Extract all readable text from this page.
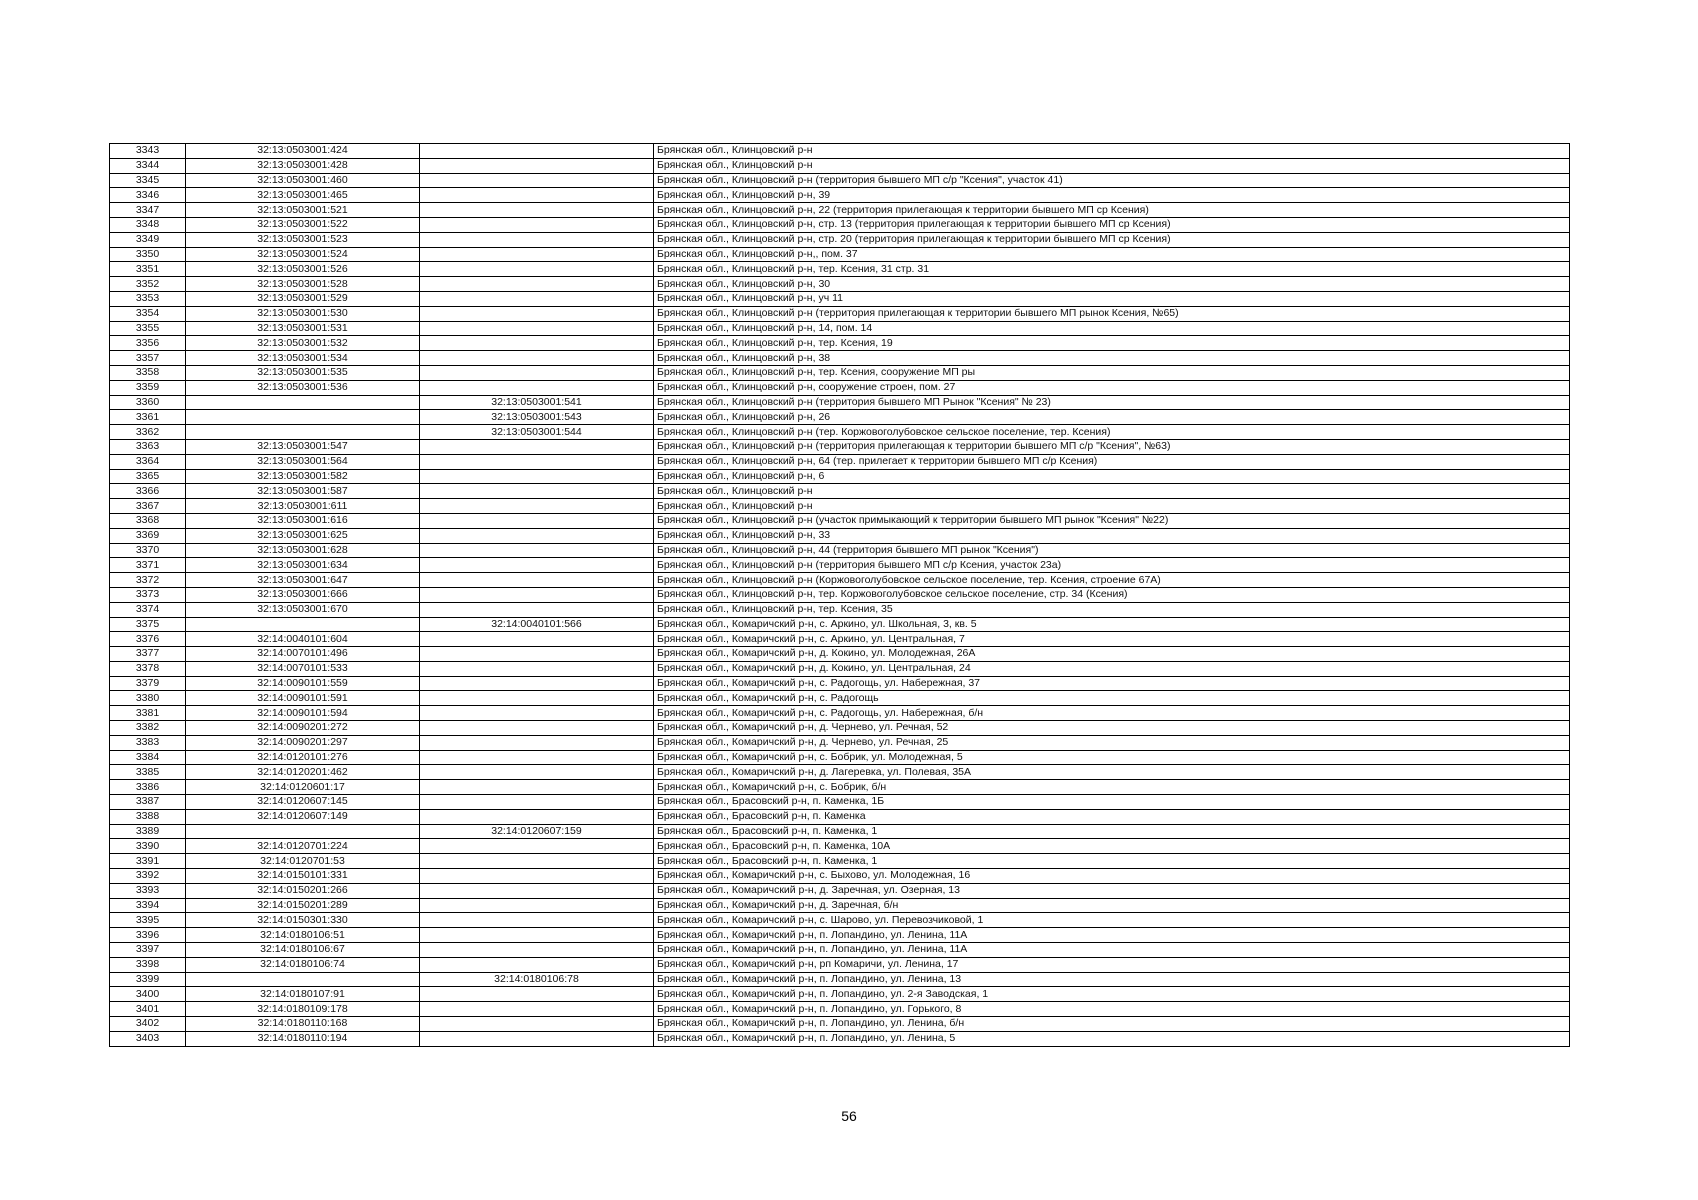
3343	32:13:0503001:424		Брянская обл., Клинцовский р-н
3344	32:13:0503001:428		Брянская обл., Клинцовский р-н
3345	32:13:0503001:460		Брянская обл., Клинцовский р-н (территория бывшего МП с/р "Ксения", участок 41)
3346	32:13:0503001:465		Брянская обл., Клинцовский р-н, 39
3347	32:13:0503001:521		Брянская обл., Клинцовский р-н, 22 (территория прилегающая к территории бывшего МП ср Ксения)
3348	32:13:0503001:522		Брянская обл., Клинцовский р-н, стр. 13 (территория прилегающая к территории бывшего МП ср Ксения)
3349	32:13:0503001:523		Брянская обл., Клинцовский р-н, стр. 20 (территория прилегающая к территории бывшего МП ср Ксения)
3350	32:13:0503001:524		Брянская обл., Клинцовский р-н,, пом. 37
3351	32:13:0503001:526		Брянская обл., Клинцовский р-н, тер. Ксения, 31 стр. 31
3352	32:13:0503001:528		Брянская обл., Клинцовский р-н, 30
3353	32:13:0503001:529		Брянская обл., Клинцовский р-н, уч 11
3354	32:13:0503001:530		Брянская обл., Клинцовский р-н (территория прилегающая к территории бывшего МП рынок Ксения, №65)
3355	32:13:0503001:531		Брянская обл., Клинцовский р-н, 14, пом. 14
3356	32:13:0503001:532		Брянская обл., Клинцовский р-н, тер. Ксения, 19
3357	32:13:0503001:534		Брянская обл., Клинцовский р-н, 38
3358	32:13:0503001:535		Брянская обл., Клинцовский р-н, тер. Ксения, сооружение МП ры
3359	32:13:0503001:536		Брянская обл., Клинцовский р-н, сооружение строен, пом. 27
3360		32:13:0503001:541	Брянская обл., Клинцовский р-н (территория бывшего МП Рынок "Ксения" № 23)
3361		32:13:0503001:543	Брянская обл., Клинцовский р-н, 26
3362		32:13:0503001:544	Брянская обл., Клинцовский р-н (тер. Коржовоголубовское сельское поселение, тер. Ксения)
3363	32:13:0503001:547		Брянская обл., Клинцовский р-н (территория прилегающая к территории бывшего МП с/р "Ксения", №63)
3364	32:13:0503001:564		Брянская обл., Клинцовский р-н, 64 (тер. прилегает к территории бывшего МП с/р Ксения)
3365	32:13:0503001:582		Брянская обл., Клинцовский р-н, 6
3366	32:13:0503001:587		Брянская обл., Клинцовский р-н
3367	32:13:0503001:611		Брянская обл., Клинцовский р-н
3368	32:13:0503001:616		Брянская обл., Клинцовский р-н (участок примыкающий к территории бывшего МП рынок "Ксения" №22)
3369	32:13:0503001:625		Брянская обл., Клинцовский р-н, 33
3370	32:13:0503001:628		Брянская обл., Клинцовский р-н, 44 (территория бывшего МП рынок "Ксения")
3371	32:13:0503001:634		Брянская обл., Клинцовский р-н (территория бывшего МП с/р Ксения, участок 23а)
3372	32:13:0503001:647		Брянская обл., Клинцовский р-н (Коржовоголубовское сельское поселение, тер. Ксения, строение 67А)
3373	32:13:0503001:666		Брянская обл., Клинцовский р-н, тер. Коржовоголубовское сельское поселение, стр. 34 (Ксения)
3374	32:13:0503001:670		Брянская обл., Клинцовский р-н, тер. Ксения, 35
3375		32:14:0040101:566	Брянская обл., Комаричский р-н, с. Аркино, ул. Школьная, 3, кв. 5
3376	32:14:0040101:604		Брянская обл., Комаричский р-н, с. Аркино, ул. Центральная, 7
3377	32:14:0070101:496		Брянская обл., Комаричский р-н, д. Кокино, ул. Молодежная, 26А
3378	32:14:0070101:533		Брянская обл., Комаричский р-н, д. Кокино, ул. Центральная, 24
3379	32:14:0090101:559		Брянская обл., Комаричский р-н, с. Радогощь, ул. Набережная, 37
3380	32:14:0090101:591		Брянская обл., Комаричский р-н, с. Радогощь
3381	32:14:0090101:594		Брянская обл., Комаричский р-н, с. Радогощь, ул. Набережная, б/н
3382	32:14:0090201:272		Брянская обл., Комаричский р-н, д. Чернево, ул. Речная, 52
3383	32:14:0090201:297		Брянская обл., Комаричский р-н, д. Чернево, ул. Речная, 25
3384	32:14:0120101:276		Брянская обл., Комаричский р-н, с. Бобрик, ул. Молодежная, 5
3385	32:14:0120201:462		Брянская обл., Комаричский р-н, д. Лагеревка, ул. Полевая, 35А
3386	32:14:0120601:17		Брянская обл., Комаричский р-н, с. Бобрик, б/н
3387	32:14:0120607:145		Брянская обл., Брасовский р-н, п. Каменка, 1Б
3388	32:14:0120607:149		Брянская обл., Брасовский р-н, п. Каменка
3389		32:14:0120607:159	Брянская обл., Брасовский р-н, п. Каменка, 1
3390	32:14:0120701:224		Брянская обл., Брасовский р-н, п. Каменка, 10А
3391	32:14:0120701:53		Брянская обл., Брасовский р-н, п. Каменка, 1
3392	32:14:0150101:331		Брянская обл., Комаричский р-н, с. Быхово, ул. Молодежная, 16
3393	32:14:0150201:266		Брянская обл., Комаричский р-н, д. Заречная, ул. Озерная, 13
3394	32:14:0150201:289		Брянская обл., Комаричский р-н, д. Заречная, б/н
3395	32:14:0150301:330		Брянская обл., Комаричский р-н, с. Шарово, ул. Перевозчиковой, 1
3396	32:14:0180106:51		Брянская обл., Комаричский р-н, п. Лопандино, ул. Ленина, 11А
3397	32:14:0180106:67		Брянская обл., Комаричский р-н, п. Лопандино, ул. Ленина, 11А
3398	32:14:0180106:74		Брянская обл., Комаричский р-н, рп Комаричи, ул. Ленина, 17
3399		32:14:0180106:78	Брянская обл., Комаричский р-н, п. Лопандино, ул. Ленина, 13
3400	32:14:0180107:91		Брянская обл., Комаричский р-н, п. Лопандино, ул. 2-я Заводская, 1
3401	32:14:0180109:178		Брянская обл., Комаричский р-н, п. Лопандино, ул. Горького, 8
3402	32:14:0180110:168		Брянская обл., Комаричский р-н, п. Лопандино, ул. Ленина, б/н
3403	32:14:0180110:194		Брянская обл., Комаричский р-н, п. Лопандино, ул. Ленина, 5
56
